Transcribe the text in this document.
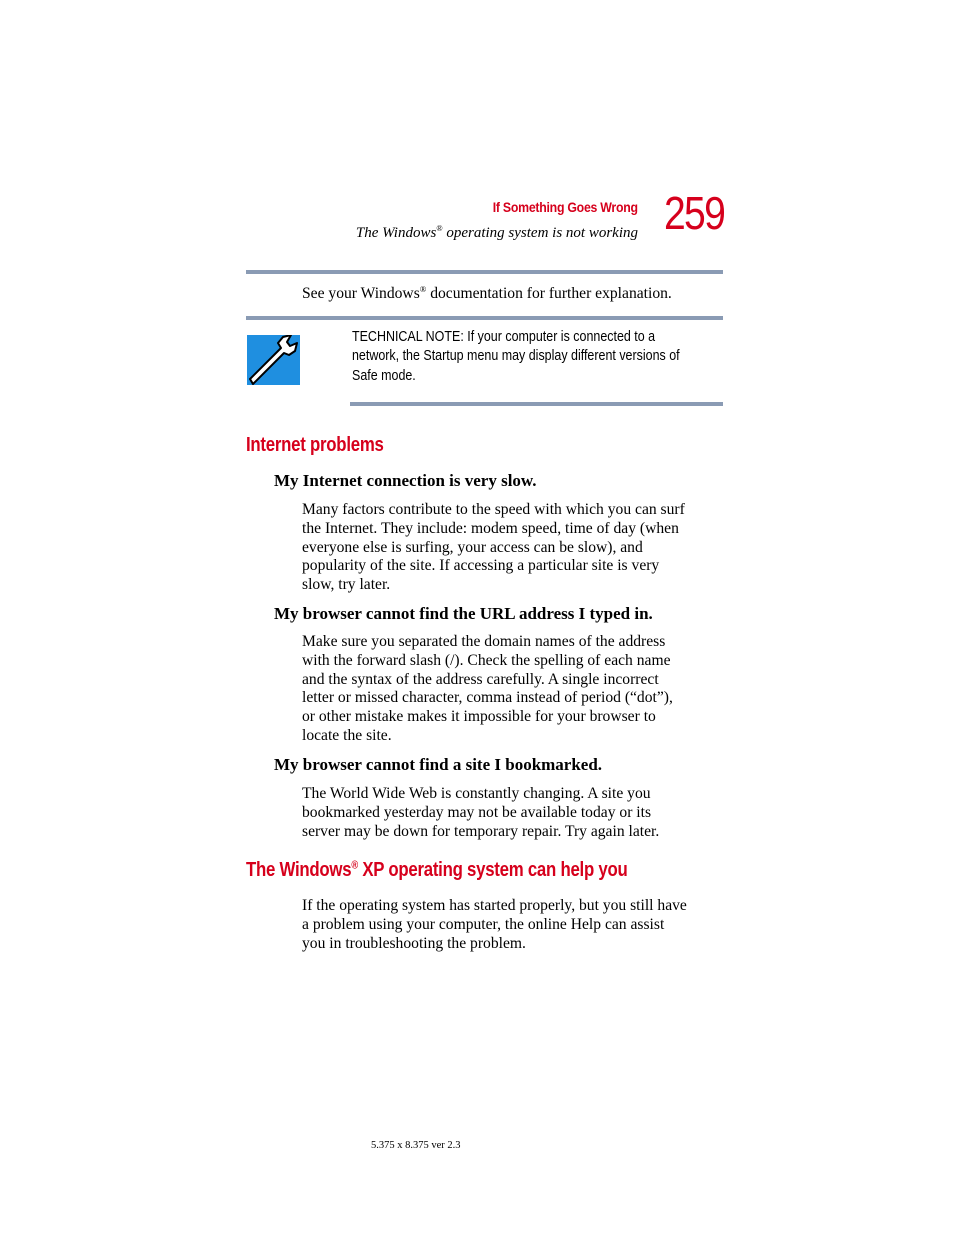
If Something Goes Wrong
The Windows® operating system is not working 259
See your Windows® documentation for further explanation.
TECHNICAL NOTE: If your computer is connected to a
network, the Startup menu may display different versions of
Safe mode.
Internet problems
My Internet connection is very slow.
Many factors contribute to the speed with which you can surf
the Internet. They include: modem speed, time of day (when
everyone else is surfing, your access can be slow), and
popularity of the site. If accessing a particular site is very
slow, try later.
My browser cannot find the URL address I typed in.
Make sure you separated the domain names of the address
with the forward slash (/). Check the spelling of each name
and the syntax of the address carefully. A single incorrect
letter or missed character, comma instead of period (“dot”),
or other mistake makes it impossible for your browser to
locate the site.
My browser cannot find a site I bookmarked.
The World Wide Web is constantly changing. A site you
bookmarked yesterday may not be available today or its
server may be down for temporary repair. Try again later.
The Windows® XP operating system can help you
If the operating system has started properly, but you still have
a problem using your computer, the online Help can assist
you in troubleshooting the problem.
5.375 x 8.375 ver 2.3
